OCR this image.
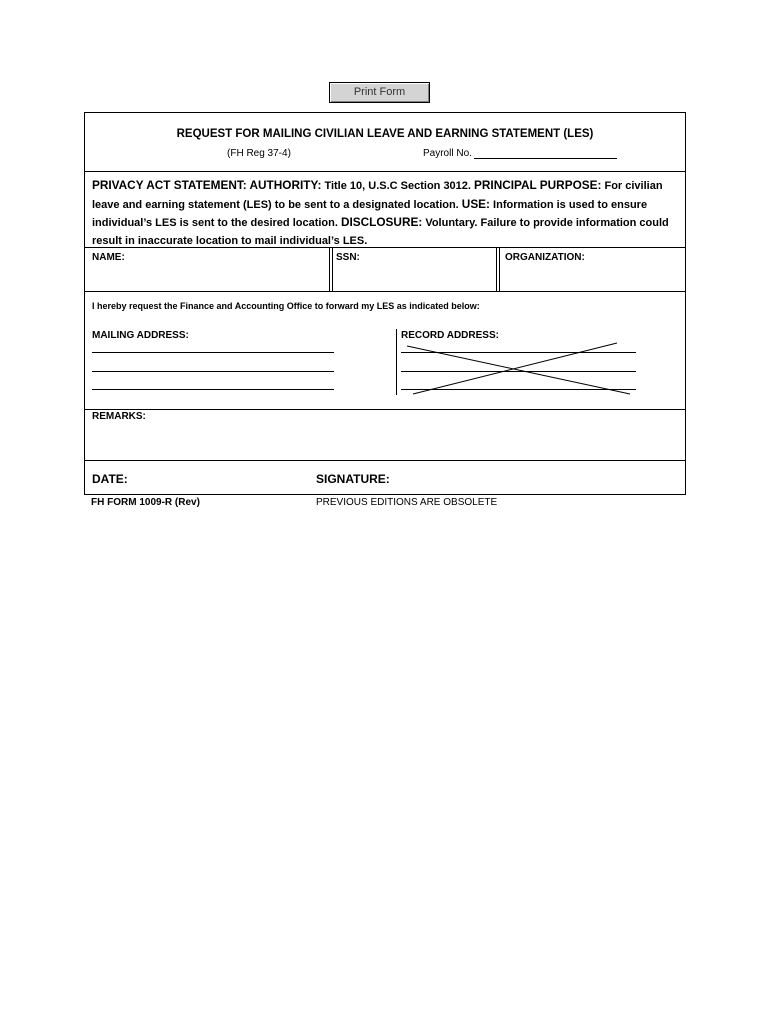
Print Form
REQUEST FOR MAILING CIVILIAN LEAVE AND EARNING STATEMENT (LES)
(FH Reg 37-4)	Payroll No.
PRIVACY ACT STATEMENT: AUTHORITY: Title 10, U.S.C Section 3012. PRINCIPAL PURPOSE: For civilian leave and earning statement (LES) to be sent to a designated location. USE: Information is used to ensure individual’s LES is sent to the desired location. DISCLOSURE: Voluntary. Failure to provide information could result in inaccurate location to mail individual’s LES.
NAME:	SSN:	ORGANIZATION:
I hereby request the Finance and Accounting Office to forward my LES as indicated below:
MAILING ADDRESS:	RECORD ADDRESS:
REMARKS:
DATE:	SIGNATURE:
FH FORM 1009-R (Rev)	PREVIOUS EDITIONS ARE OBSOLETE
